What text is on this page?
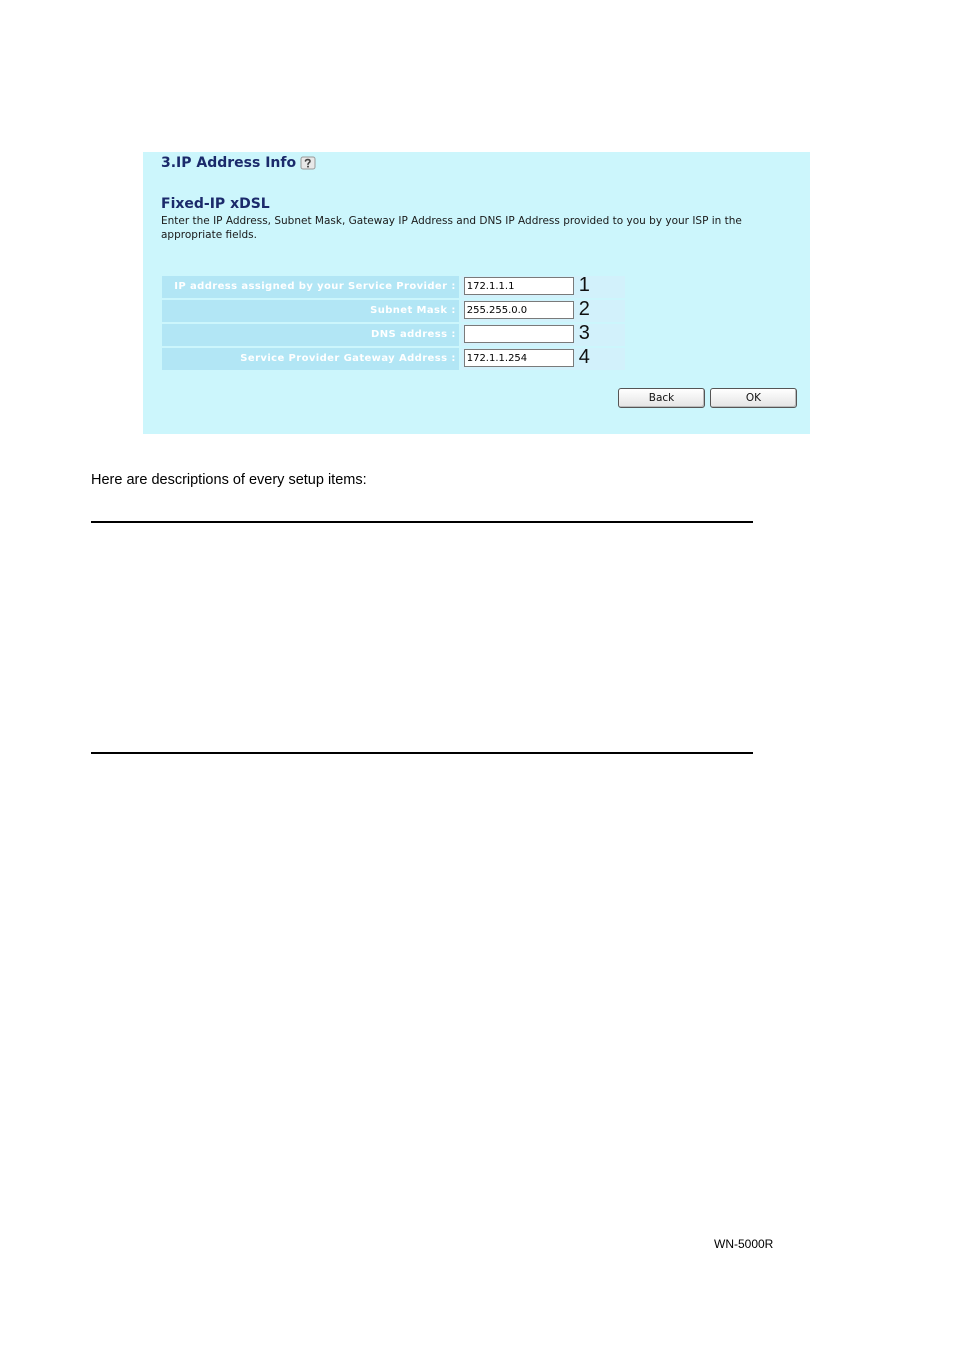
3.IP Address Info
Fixed-IP xDSL
Enter the IP Address, Subnet Mask, Gateway IP Address and DNS IP Address provided to you by your ISP in the appropriate fields.
IP address assigned by your Service Provider :
172.1.1.1	1
Subnet Mask :
255.255.0.0	2
DNS address :	3
Service Provider Gateway Address :
172.1.1.254	4
Back	OK
Here are descriptions of every setup items:
WN-5000R
